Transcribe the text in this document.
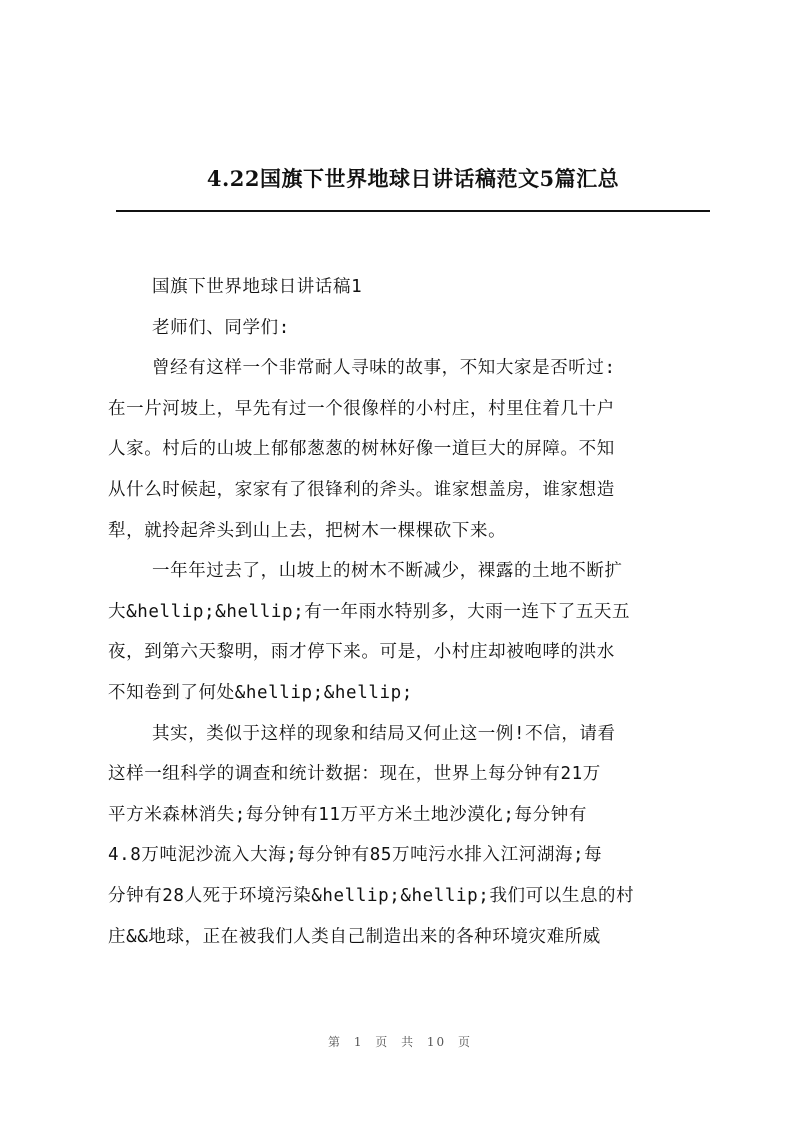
4.22国旗下世界地球日讲话稿范文5篇汇总
国旗下世界地球日讲话稿1
老师们、同学们:
曾经有这样一个非常耐人寻味的故事，不知大家是否听过:
在一片河坡上，早先有过一个很像样的小村庄，村里住着几十户
人家。村后的山坡上郁郁葱葱的树林好像一道巨大的屏障。不知
从什么时候起，家家有了很锋利的斧头。谁家想盖房，谁家想造
犁，就拎起斧头到山上去，把树木一棵棵砍下来。
一年年过去了，山坡上的树木不断减少，裸露的土地不断扩
大&hellip;&hellip;有一年雨水特别多，大雨一连下了五天五
夜，到第六天黎明，雨才停下来。可是，小村庄却被咆哮的洪水
不知卷到了何处&hellip;&hellip;
其实，类似于这样的现象和结局又何止这一例!不信，请看
这样一组科学的调查和统计数据：现在，世界上每分钟有21万
平方米森林消失;每分钟有11万平方米土地沙漠化;每分钟有
4.8万吨泥沙流入大海;每分钟有85万吨污水排入江河湖海;每
分钟有28人死于环境污染&hellip;&hellip;我们可以生息的村
庄&&地球，正在被我们人类自己制造出来的各种环境灾难所威
第 1 页 共 10 页
